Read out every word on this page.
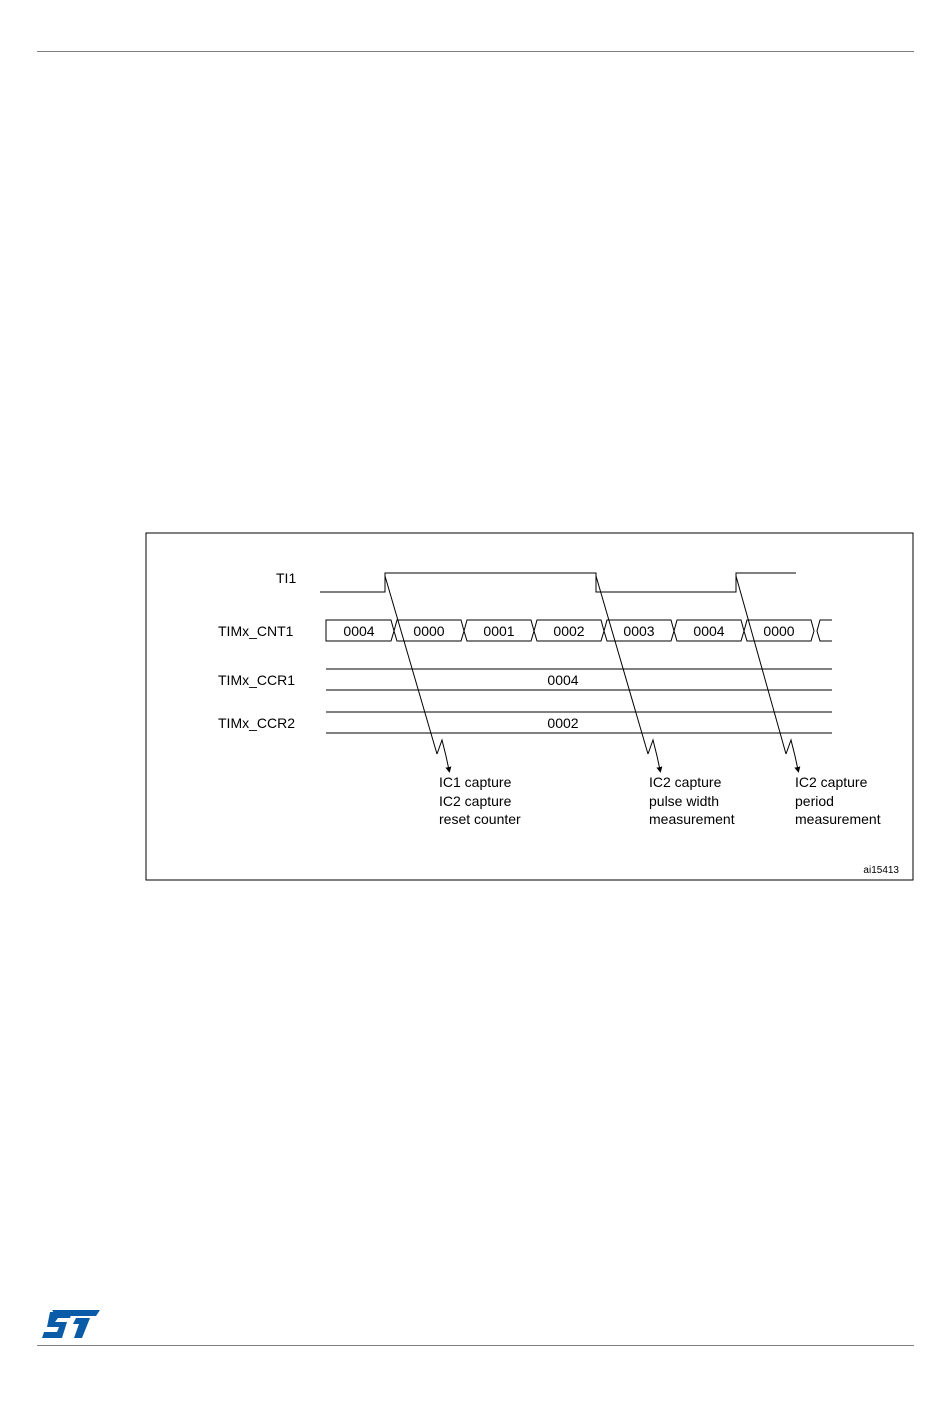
TI1
TIMx_CNT1
TIMx_CCR1
TIMx_CCR2
0004	0000	0001	0002	0003	0004	0000
0004
0002
IC1 capture
IC2 capture
reset counter
IC2 capture
pulse width
measurement
IC2 capture
period
measurement
ai15413
